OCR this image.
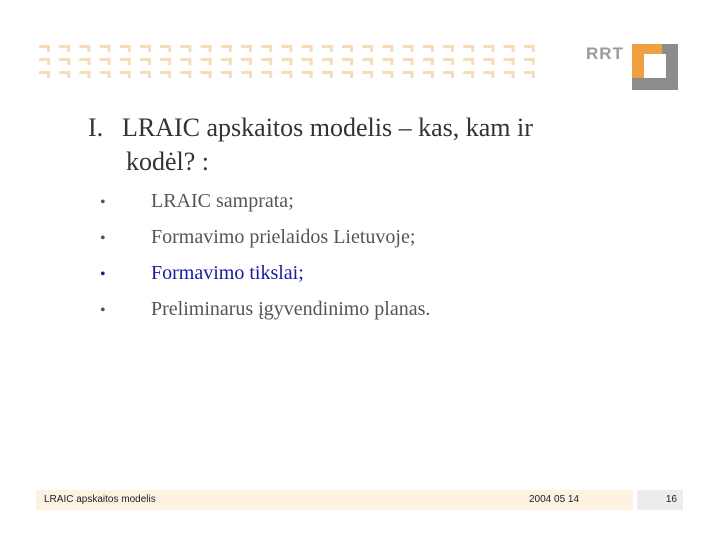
RRT
I. LRAIC apskaitos modelis – kas, kam ir
kodėl? :
• LRAIC samprata;
• Formavimo prielaidos Lietuvoje;
• Formavimo tikslai;
• Preliminarus įgyvendinimo planas.
LRAIC apskaitos modelis	2004 05 14	16
